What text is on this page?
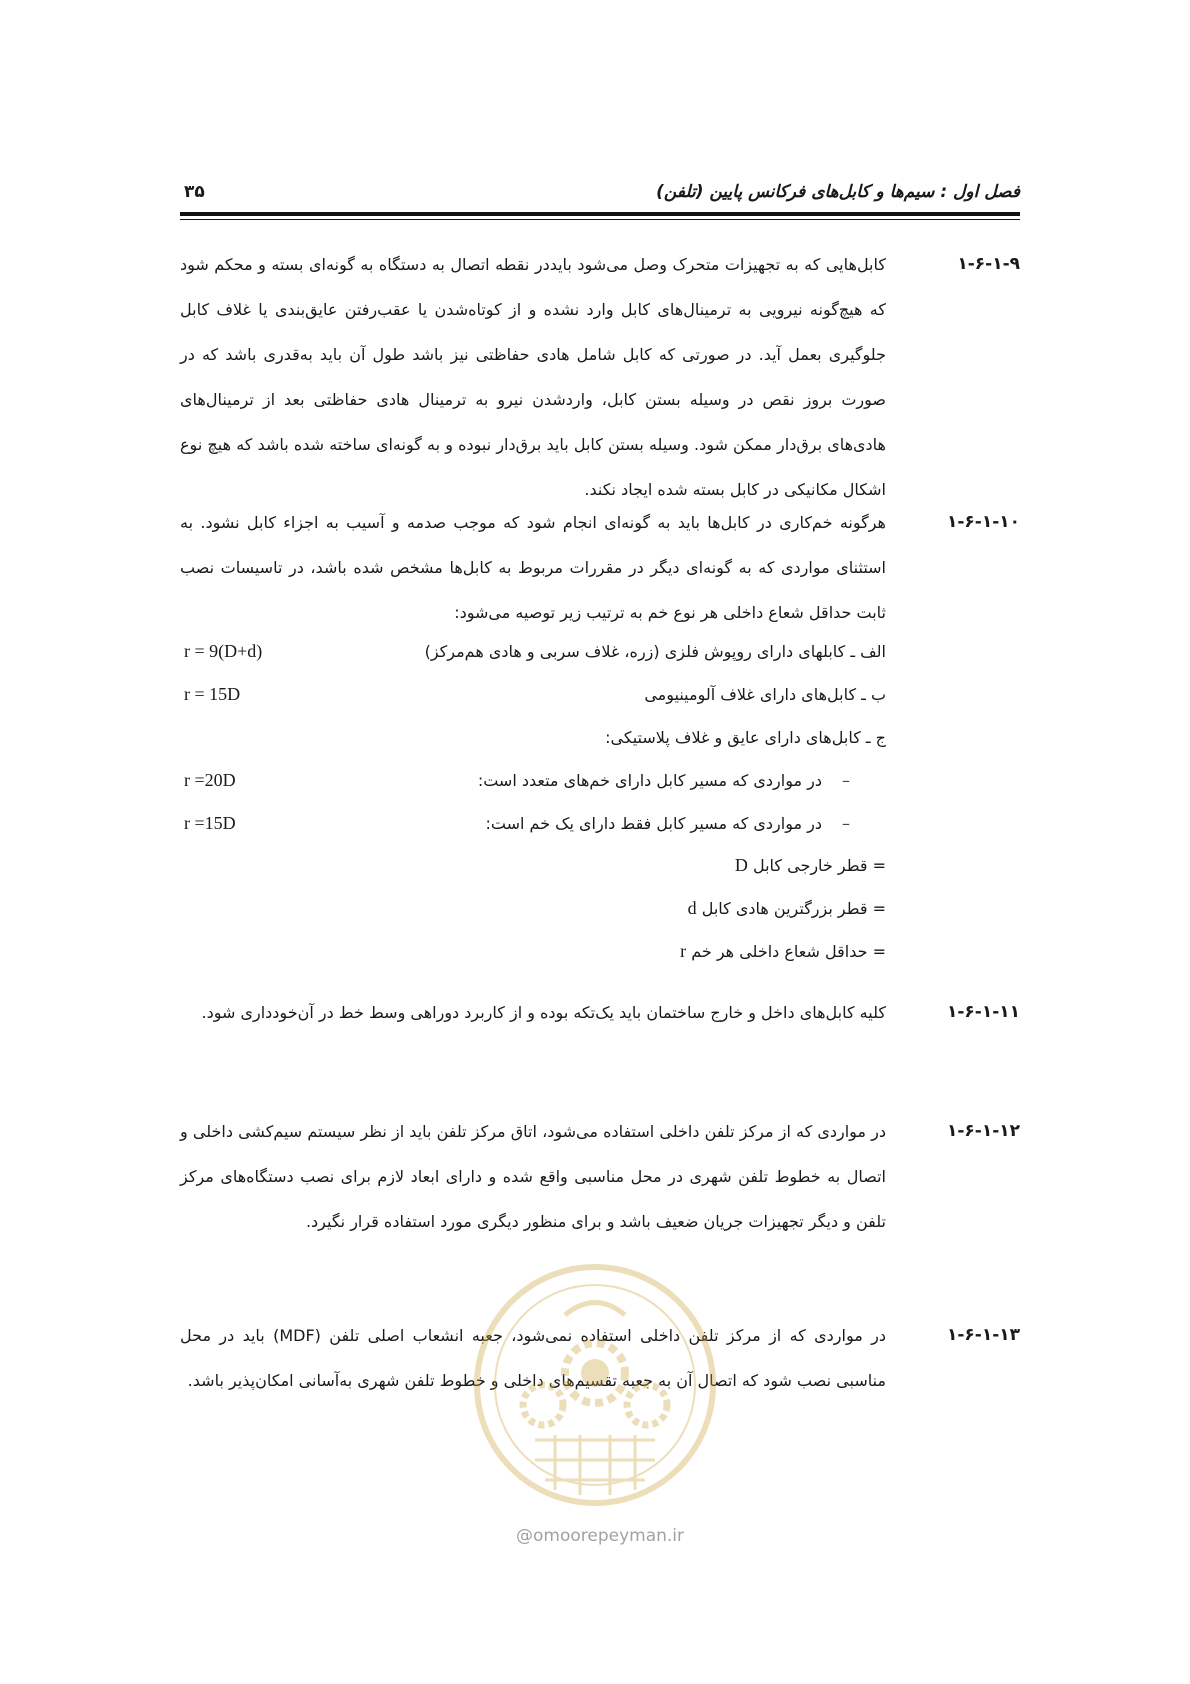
فصل اول : سیم‌ها و کابل‌های فرکانس پایین (تلفن)
۳۵
۱-۶-۱-۹
کابل‌هایی که به تجهیزات متحرک وصل می‌شود بایددر نقطه اتصال به دستگاه به گونه‌ای بسته و محکم شود که هیچ‌گونه نیرویی به ترمینال‌های کابل وارد نشده و از کوتاه‌شدن یا عقب‌رفتن عایق‌بندی یا غلاف کابل جلوگیری بعمل آید. در صورتی که کابل شامل هادی حفاظتی نیز باشد طول آن باید به‌قدری باشد که در صورت بروز نقص در وسیله بستن کابل، واردشدن نیرو به ترمینال هادی حفاظتی بعد از ترمینال‌های هادی‌های برق‌دار ممکن شود. وسیله بستن کابل باید برق‌دار نبوده و به گونه‌ای ساخته شده باشد که هیچ نوع اشکال مکانیکی در کابل بسته شده ایجاد نکند.
۱-۶-۱-۱۰
هرگونه خم‌کاری در کابل‌ها باید به گونه‌ای انجام شود که موجب صدمه و آسیب به اجزاء کابل نشود. به استثنای مواردی که به گونه‌ای دیگر در مقررات مربوط به کابل‌ها مشخص شده باشد، در تاسیسات نصب ثابت حداقل شعاع داخلی هر نوع خم به ترتیب زیر توصیه می‌شود:
الف ـ کابلهای دارای روپوش فلزی (زره، غلاف سربی و هادی هم‌مرکز)
r = 9(D+d)
ب ـ کابل‌های دارای غلاف آلومینیومی
r = 15D
ج ـ کابل‌های دارای عایق و غلاف پلاستیکی:
–
در مواردی که مسیر کابل دارای خم‌های متعدد است:
r =20D
–
در مواردی که مسیر کابل فقط دارای یک خم است:
r =15D
= قطر خارجی کابل D
= قطر بزرگترین هادی کابل d
= حداقل شعاع داخلی هر خم r
۱-۶-۱-۱۱
کلیه کابل‌های داخل و خارج ساختمان باید یک‌تکه بوده و از کاربرد دوراهی وسط خط در آن‌خودداری شود.
۱-۶-۱-۱۲
در مواردی که از مرکز تلفن داخلی استفاده می‌شود، اتاق مرکز تلفن باید از نظر سیستم سیم‌کشی داخلی و اتصال به خطوط تلفن شهری در محل مناسبی واقع شده و دارای ابعاد لازم برای نصب دستگاه‌های مرکز تلفن و دیگر تجهیزات جریان ضعیف باشد و برای منظور دیگری مورد استفاده قرار نگیرد.
۱-۶-۱-۱۳
در مواردی که از مرکز تلفن داخلی استفاده نمی‌شود، جعبه انشعاب اصلی تلفن (MDF) باید در محل مناسبی نصب شود که اتصال آن به جعبه تقسیم‌های داخلی و خطوط تلفن شهری به‌آسانی امکان‌پذیر باشد.
@omoorepeyman.ir
